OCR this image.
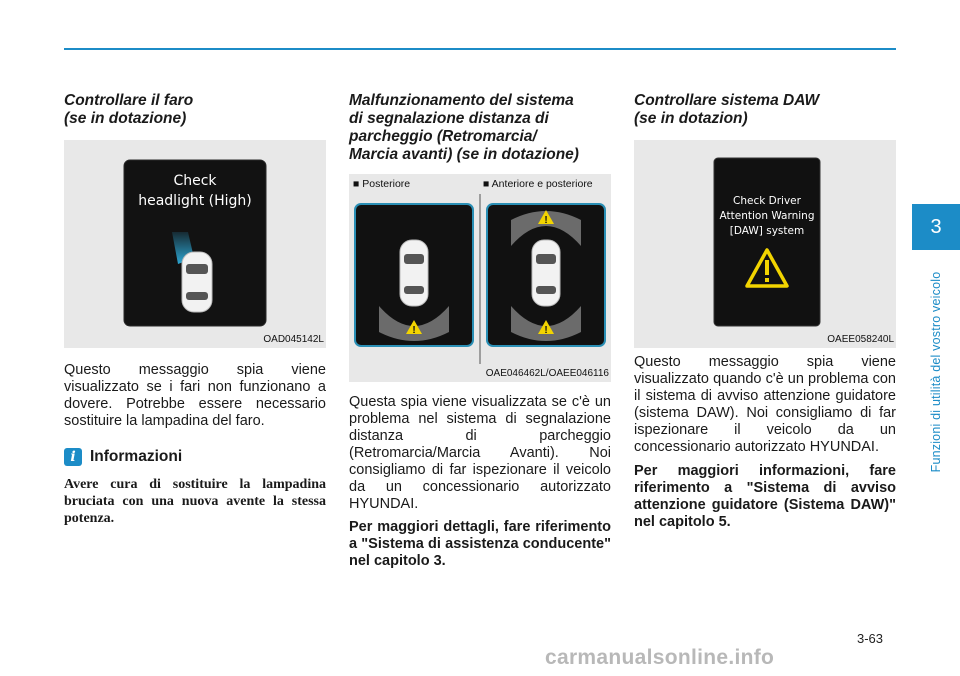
Controllare il faro
(se in dotazione)
Check
headlight (High)
OAD045142L

Questo messaggio spia viene visualizzato se i fari non funzionano a dovere. Potrebbe essere necessario sostituire la lampadina del faro.

i Informazioni
Avere cura di sostituire la lampadina bruciata con una nuova avente la stessa potenza.
Malfunzionamento del sistema
di segnalazione distanza di
parcheggio (Retromarcia/
Marcia avanti) (se in dotazione)
■ Posteriore	■ Anteriore e posteriore
!
!
!
OAE046462L/OAEE046116

Questa spia viene visualizzata se c'è un problema nel sistema di segnalazione distanza di parcheggio (Retromarcia/Marcia Avanti). Noi consigliamo di far ispezionare il veicolo da un concessionario autorizzato HYUNDAI.

Per maggiori dettagli, fare riferimento a "Sistema di assistenza conducente" nel capitolo 3.

Controllare sistema DAW
(se in dotazion)
Check Driver
Attention Warning
[DAW] system
OAEE058240L

Questo messaggio spia viene visualizzato quando c'è un problema con il sistema di avviso attenzione guidatore (sistema DAW). Noi consigliamo di far ispezionare il veicolo da un concessionario autorizzato HYUNDAI.

Per maggiori informazioni, fare riferimento a "Sistema di avviso attenzione guidatore (Sistema DAW)" nel capitolo 5.

3
Funzioni di utilità del vostro veicolo
3-63
carmanualsonline.info
